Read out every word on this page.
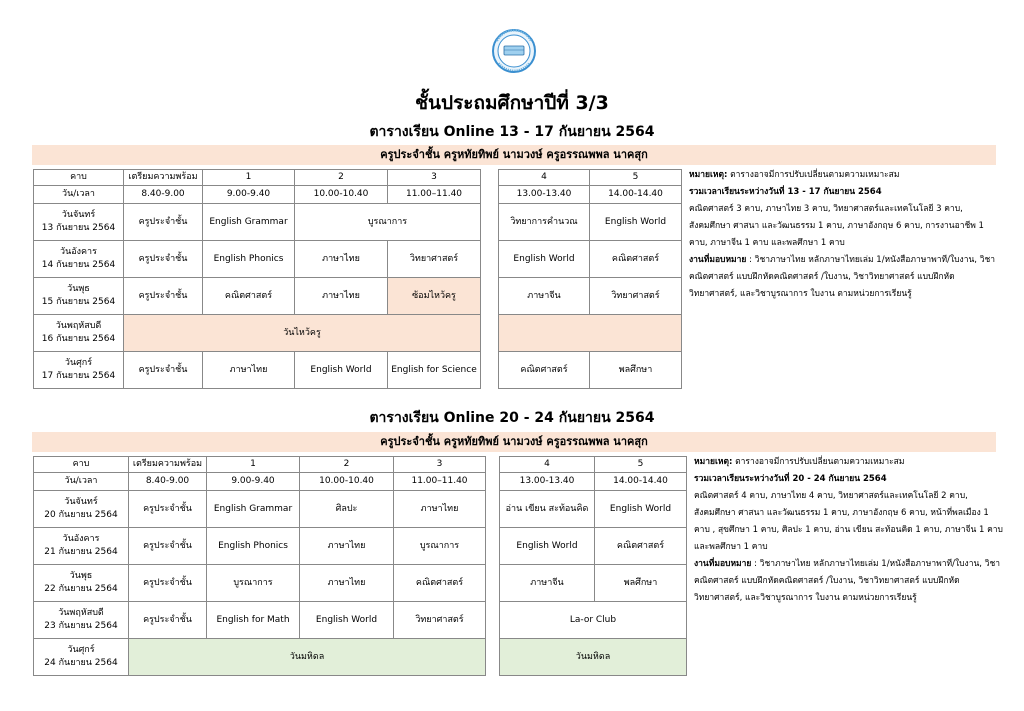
ชั้นประถมศึกษาปีที่ 3/3
ตารางเรียน Online 13 - 17 กันยายน 2564
ครูประจำชั้น ครูหทัยทิพย์ นามวงษ์ ครูอรรณพพล นาคสุก
คาบ	เตรียมความพร้อม	1	2	3		4	5
วัน/เวลา	8.40-9.00	9.00-9.40	10.00-10.40	11.00–11.40		13.00-13.40	14.00-14.40
วันจันทร์
13 กันยายน 2564	ครูประจำชั้น	English Grammar	บูรณาการ			วิทยาการคำนวณ	English World
วันอังคาร
14 กันยายน 2564	ครูประจำชั้น	English Phonics	ภาษาไทย	วิทยาศาสตร์		English World	คณิตศาสตร์
วันพุธ
15 กันยายน 2564	ครูประจำชั้น	คณิตศาสตร์	ภาษาไทย	ซ้อมไหว้ครู		ภาษาจีน	วิทยาศาสตร์
วันพฤหัสบดี
16 กันยายน 2564	วันไหว้ครู						
วันศุกร์
17 กันยายน 2564	ครูประจำชั้น	ภาษาไทย	English World	English for Science		คณิตศาสตร์	พลศึกษา
หมายเหตุ: ตารางอาจมีการปรับเปลี่ยนตามความเหมาะสม
รวมเวลาเรียนระหว่างวันที่ 13 - 17 กันยายน 2564
คณิตศาสตร์ 3 คาบ, ภาษาไทย 3 คาบ, วิทยาศาสตร์และเทคโนโลยี 3 คาบ, สังคมศึกษา ศาสนา และวัฒนธรรม 1 คาบ, ภาษาอังกฤษ 6 คาบ, การงานอาชีพ 1 คาบ, ภาษาจีน 1 คาบ และพลศึกษา 1 คาบ
งานที่มอบหมาย : วิชาภาษาไทย หลักภาษาไทยเล่ม 1/หนังสือภาษาพาที/ใบงาน, วิชาคณิตศาสตร์ แบบฝึกหัดคณิตศาสตร์ /ใบงาน, วิชาวิทยาศาสตร์ แบบฝึกหัดวิทยาศาสตร์, และวิชาบูรณาการ ใบงาน ตามหน่วยการเรียนรู้
ตารางเรียน Online 20 - 24 กันยายน 2564
ครูประจำชั้น ครูหทัยทิพย์ นามวงษ์ ครูอรรณพพล นาคสุก
คาบ	เตรียมความพร้อม	1	2	3		4	5
วัน/เวลา	8.40-9.00	9.00-9.40	10.00-10.40	11.00–11.40		13.00-13.40	14.00-14.40
วันจันทร์
20 กันยายน 2564	ครูประจำชั้น	English Grammar	ศิลปะ	ภาษาไทย		อ่าน เขียน สะท้อนคิด	English World
วันอังคาร
21 กันยายน 2564	ครูประจำชั้น	English Phonics	ภาษาไทย	บูรณาการ		English World	คณิตศาสตร์
วันพุธ
22 กันยายน 2564	ครูประจำชั้น	บูรณาการ	ภาษาไทย	คณิตศาสตร์		ภาษาจีน	พลศึกษา
วันพฤหัสบดี
23 กันยายน 2564	ครูประจำชั้น	English for Math	English World	วิทยาศาสตร์		La-or Club	
วันศุกร์
24 กันยายน 2564	วันมหิดล					วันมหิดล	
หมายเหตุ: ตารางอาจมีการปรับเปลี่ยนตามความเหมาะสม
รวมเวลาเรียนระหว่างวันที่ 20 - 24 กันยายน 2564
คณิตศาสตร์ 4 คาบ, ภาษาไทย 4 คาบ, วิทยาศาสตร์และเทคโนโลยี 2 คาบ, สังคมศึกษา ศาสนา และวัฒนธรรม 1 คาบ, ภาษาอังกฤษ 6 คาบ, หน้าที่พลเมือง 1 คาบ , สุขศึกษา 1 คาบ, ศิลปะ 1 คาบ, อ่าน เขียน สะท้อนคิด 1 คาบ, ภาษาจีน 1 คาบ และพลศึกษา 1 คาบ
งานที่มอบหมาย : วิชาภาษาไทย หลักภาษาไทยเล่ม 1/หนังสือภาษาพาที/ใบงาน, วิชาคณิตศาสตร์ แบบฝึกหัดคณิตศาสตร์ /ใบงาน, วิชาวิทยาศาสตร์ แบบฝึกหัดวิทยาศาสตร์, และวิชาบูรณาการ ใบงาน ตามหน่วยการเรียนรู้
